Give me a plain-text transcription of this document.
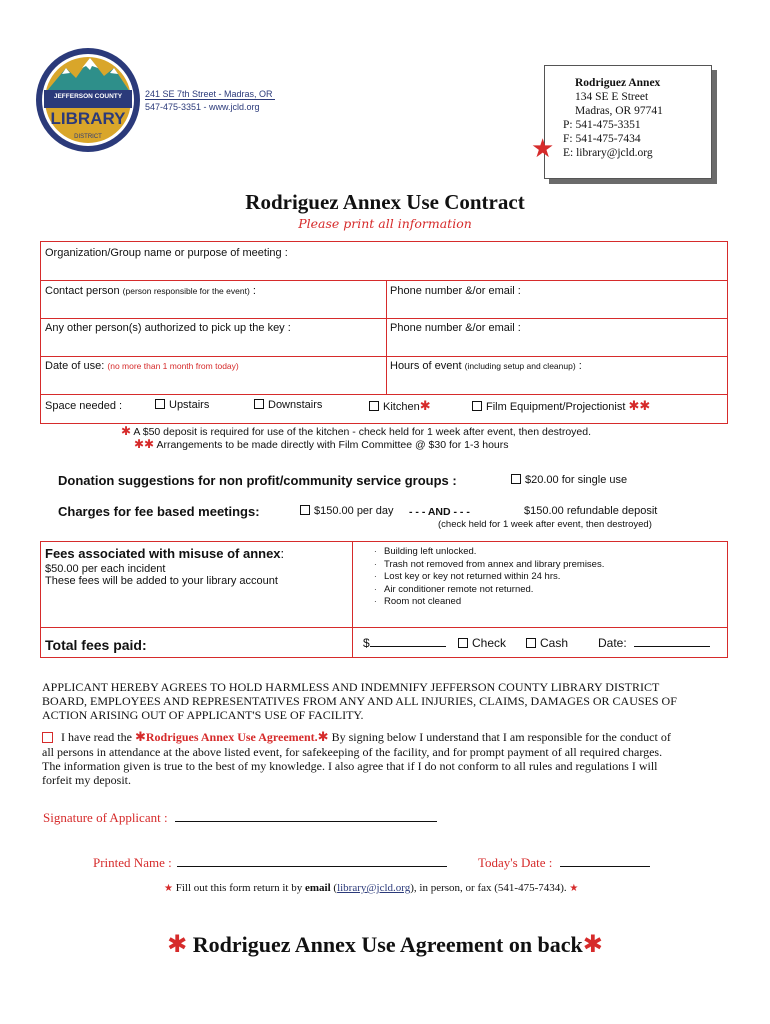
JEFFERSON COUNTY
LIBRARY
DISTRICT
241 SE 7th Street - Madras, OR
547-475-3351 - www.jcld.org
Rodriguez Annex
134 SE E Street
Madras, OR 97741
P: 541-475-3351
F: 541-475-7434
E: library@jcld.org
★
Rodriguez Annex Use Contract
Please print all information
Organization/Group name or purpose of meeting :
Contact person (person responsible for the event) :	Phone number &/or email :
Any other person(s) authorized to pick up the key :	Phone number &/or email :
Date of use: (no more than 1 month from today)	Hours of event (including setup and cleanup) :
Space needed :	Upstairs	Downstairs	Kitchen✱	Film Equipment/Projectionist ✱✱
✱ A $50 deposit is required for use of the kitchen - check held for 1 week after event, then destroyed.
✱✱ Arrangements to be made directly with Film Committee @ $30 for 1-3 hours
Donation suggestions for non profit/community service groups :	$20.00 for single use
Charges for fee based meetings:	$150.00 per day - - - AND - - -	$150.00 refundable deposit
(check held for 1 week after event, then destroyed)
Fees associated with misuse of annex:
$50.00 per each incident
These fees will be added to your library account
· Building left unlocked.
· Trash not removed from annex and library premises.
· Lost key or key not returned within 24 hrs.
· Air conditioner remote not returned.
· Room not cleaned
Total fees paid:	$	Check	Cash Date:
APPLICANT HEREBY AGREES TO HOLD HARMLESS AND INDEMNIFY JEFFERSON COUNTY LIBRARY DISTRICT
BOARD, EMPLOYEES AND REPRESENTATIVES FROM ANY AND ALL INJURIES, CLAIMS, DAMAGES OR CAUSES OF
ACTION ARISING OUT OF APPLICANT'S USE OF FACILITY.
I have read the ✱Rodrigues Annex Use Agreement.✱ By signing below I understand that I am responsible for the conduct of
all persons in attendance at the above listed event, for safekeeping of the facility, and for prompt payment of all required charges.
The information given is true to the best of my knowledge. I also agree that if I do not conform to all rules and regulations I will
forfeit my deposit.
Signature of Applicant :
Printed Name :	Today's Date :
★ Fill out this form return it by email (library@jcld.org), in person, or fax (541-475-7434). ★
✱ Rodriguez Annex Use Agreement on back✱
